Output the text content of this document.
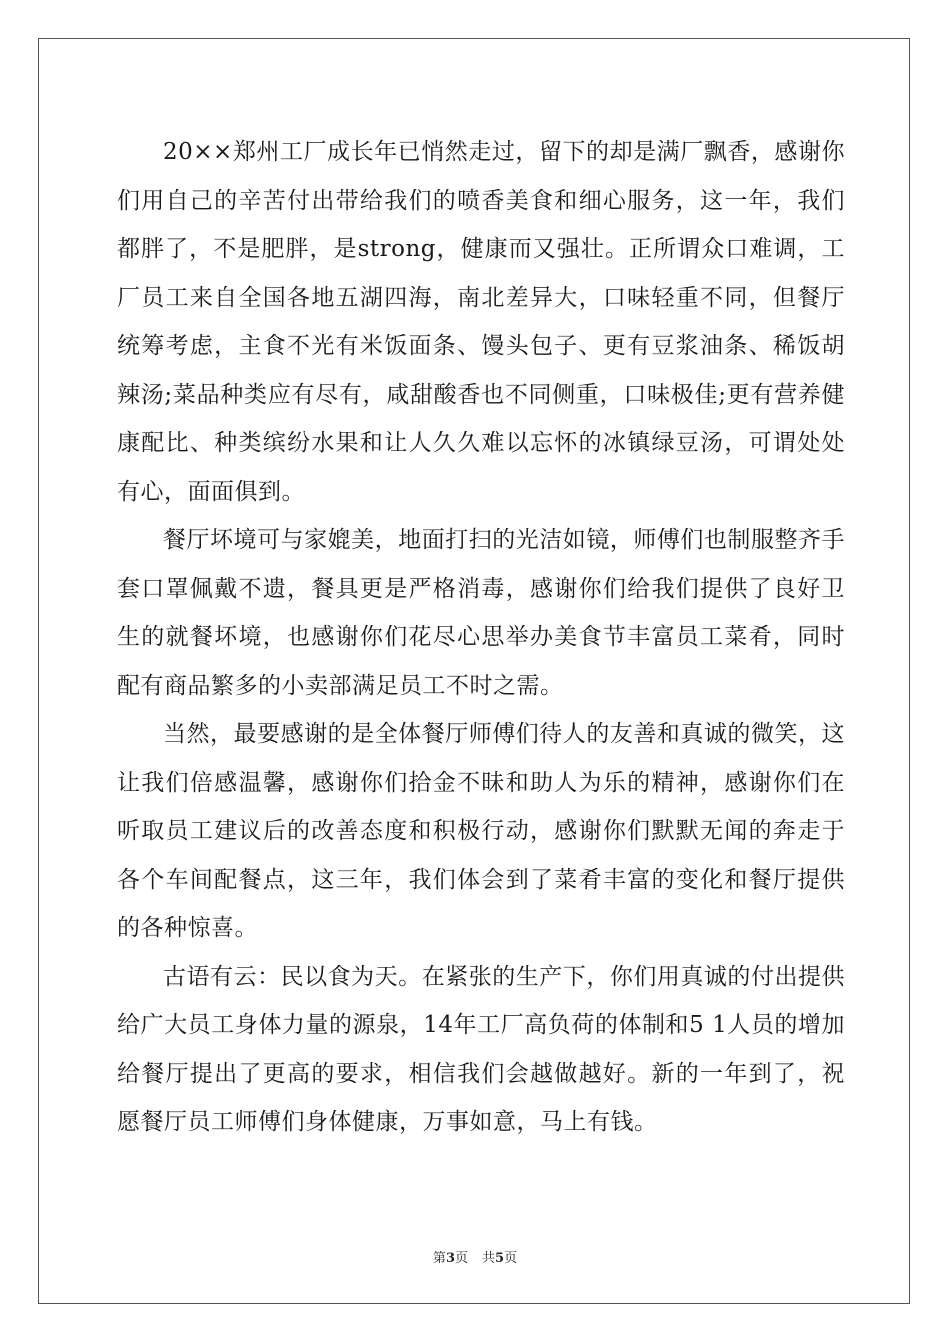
20××郑州工厂成长年已悄然走过，留下的却是满厂飘香，感谢你们用自己的辛苦付出带给我们的喷香美食和细心服务，这一年，我们都胖了，不是肥胖，是strong，健康而又强壮。正所谓众口难调，工厂员工来自全国各地五湖四海，南北差异大，口味轻重不同，但餐厅统筹考虑，主食不光有米饭面条、馒头包子、更有豆浆油条、稀饭胡辣汤;菜品种类应有尽有，咸甜酸香也不同侧重，口味极佳;更有营养健康配比、种类缤纷水果和让人久久难以忘怀的冰镇绿豆汤，可谓处处有心，面面俱到。

餐厅坏境可与家媲美，地面打扫的光洁如镜，师傅们也制服整齐手套口罩佩戴不遗，餐具更是严格消毒，感谢你们给我们提供了良好卫生的就餐坏境，也感谢你们花尽心思举办美食节丰富员工菜肴，同时配有商品繁多的小卖部满足员工不时之需。

当然，最要感谢的是全体餐厅师傅们待人的友善和真诚的微笑，这让我们倍感温馨，感谢你们拾金不昧和助人为乐的精神，感谢你们在听取员工建议后的改善态度和积极行动，感谢你们默默无闻的奔走于各个车间配餐点，这三年，我们体会到了菜肴丰富的变化和餐厅提供的各种惊喜。

古语有云：民以食为天。在紧张的生产下，你们用真诚的付出提供给广大员工身体力量的源泉，14年工厂高负荷的体制和5 1人员的增加给餐厅提出了更高的要求，相信我们会越做越好。新的一年到了，祝愿餐厅员工师傅们身体健康，万事如意，马上有钱。

第3页 共5页
